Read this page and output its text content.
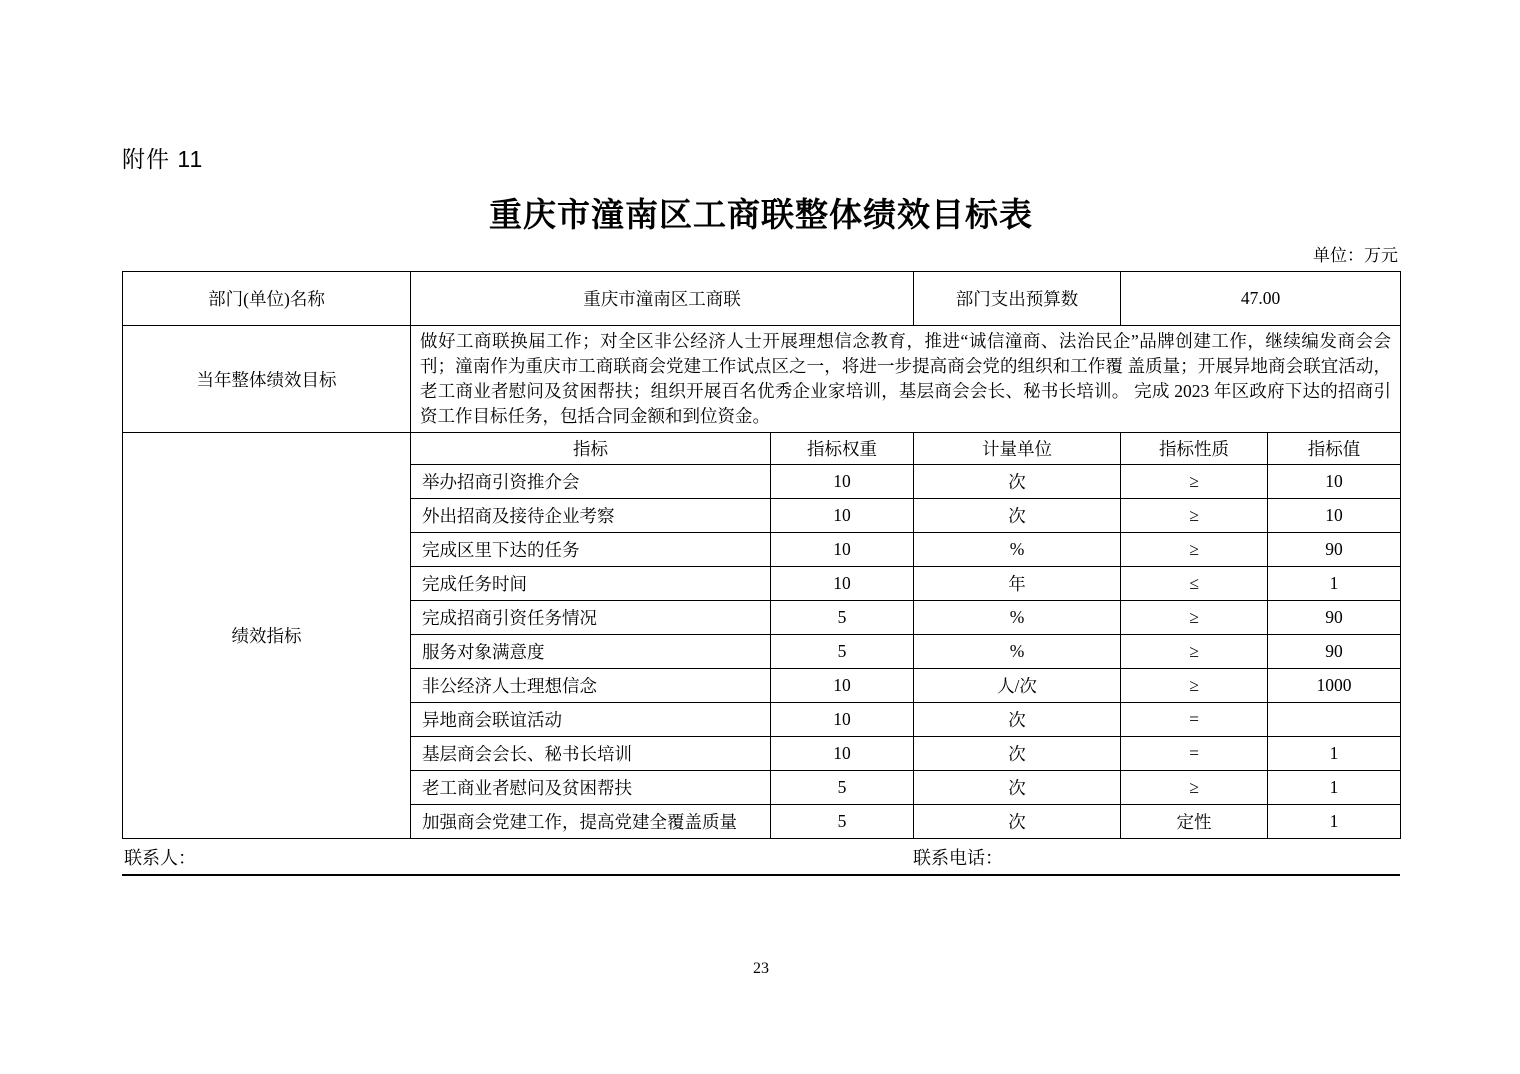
附件 11
重庆市潼南区工商联整体绩效目标表
单位：万元
部门(单位)名称	重庆市潼南区工商联		部门支出预算数	47.00	
当年整体绩效目标	做好工商联换届工作；对全区非公经济人士开展理想信念教育，推进“诚信潼商、法治民企”品牌创建工作，继续编发商会会刊；潼南作为重庆市工商联商会党建工作试点区之一，将进一步提高商会党的组织和工作覆 盖质量；开展异地商会联宜活动，老工商业者慰问及贫困帮扶；组织开展百名优秀企业家培训，基层商会会长、秘书长培训。 完成 2023 年区政府下达的招商引资工作目标任务，包括合同金额和到位资金。				
绩效指标	指标	指标权重	计量单位	指标性质	指标值
	举办招商引资推介会	10	次	≥	10
	外出招商及接待企业考察	10	次	≥	10
	完成区里下达的任务	10	%	≥	90
	完成任务时间	10	年	≤	1
	完成招商引资任务情况	5	%	≥	90
	服务对象满意度	5	%	≥	90
	非公经济人士理想信念	10	人/次	≥	1000
	异地商会联谊活动	10	次	=	
	基层商会会长、秘书长培训	10	次	=	1
	老工商业者慰问及贫困帮扶	5	次	≥	1
	加强商会党建工作，提高党建全覆盖质量	5	次	定性	1
联系人：	联系电话：
23
